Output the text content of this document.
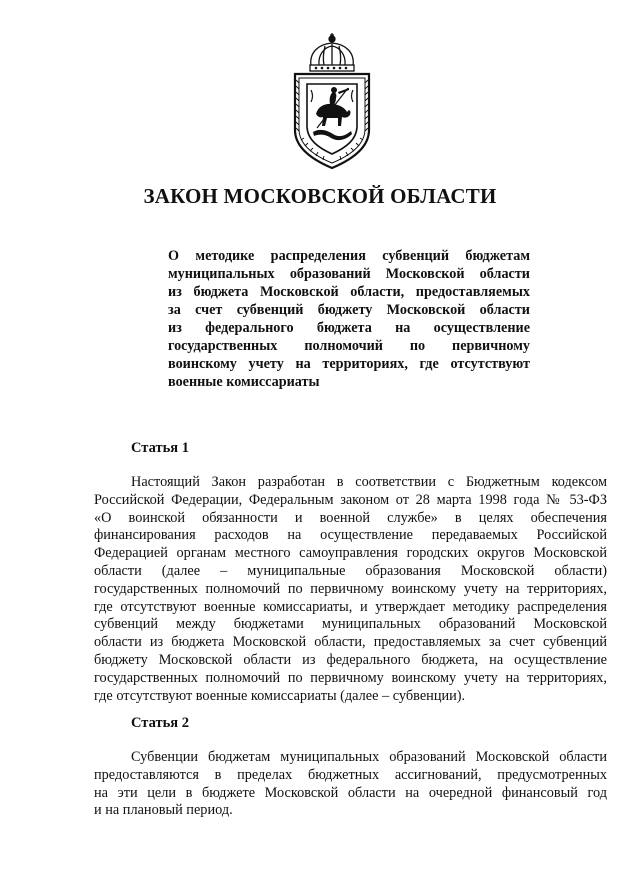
ЗАКОН МОСКОВСКОЙ ОБЛАСТИ
О методике распределения субвенций бюджетам
муниципальных образований Московской области
из бюджета Московской области, предоставляемых
за счет субвенций бюджету Московской области
из федерального бюджета на осуществление
государственных полномочий по первичному
воинскому учету на территориях, где отсутствуют
военные комиссариаты
Статья 1
Настоящий Закон разработан в соответствии с Бюджетным кодексом
Российской Федерации, Федеральным законом от 28 марта 1998 года № 53-ФЗ
«О воинской обязанности и военной службе» в целях обеспечения
финансирования расходов на осуществление передаваемых Российской
Федерацией органам местного самоуправления городских округов Московской
области (далее – муниципальные образования Московской области)
государственных полномочий по первичному воинскому учету на территориях,
где отсутствуют военные комиссариаты, и утверждает методику распределения
субвенций между бюджетами муниципальных образований Московской
области из бюджета Московской области, предоставляемых за счет субвенций
бюджету Московской области из федерального бюджета, на осуществление
государственных полномочий по первичному воинскому учету на территориях,
где отсутствуют военные комиссариаты (далее – субвенции).
Статья 2
Субвенции бюджетам муниципальных образований Московской области
предоставляются в пределах бюджетных ассигнований, предусмотренных
на эти цели в бюджете Московской области на очередной финансовый год
и на плановый период.
